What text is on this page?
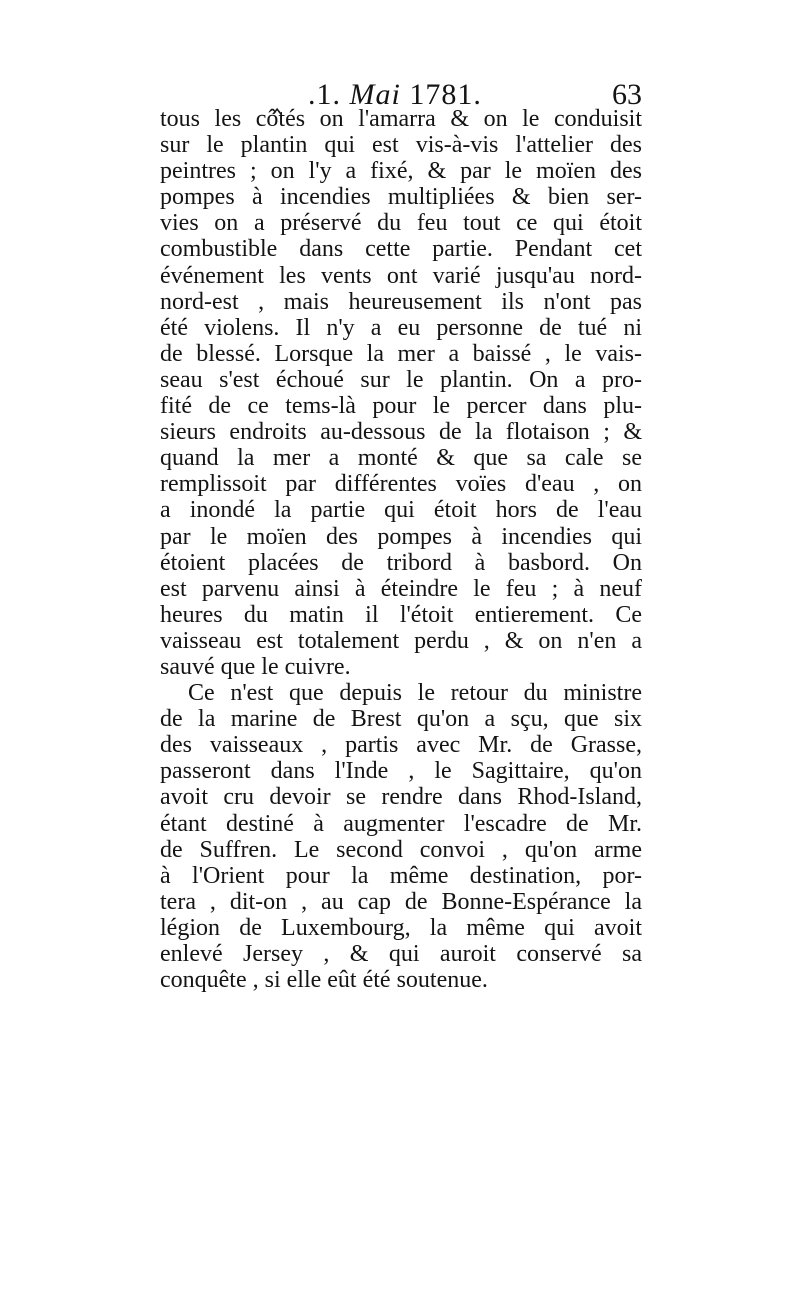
‸ .1. Mai 1781.	63
tous les côtés on l'amarra & on le conduisit
sur le plantin qui est vis-à-vis l'attelier des
peintres ; on l'y a fixé, & par le moïen des
pompes à incendies multipliées & bien ser-
vies on a préservé du feu tout ce qui étoit
combustible dans cette partie. Pendant cet
événement les vents ont varié jusqu'au nord-
nord-est , mais heureusement ils n'ont pas
été violens. Il n'y a eu personne de tué ni
de blessé. Lorsque la mer a baissé , le vais-
seau s'est échoué sur le plantin. On a pro-
fité de ce tems-là pour le percer dans plu-
sieurs endroits au-dessous de la flotaison ; &
quand la mer a monté & que sa cale se
remplissoit par différentes voïes d'eau , on
a inondé la partie qui étoit hors de l'eau
par le moïen des pompes à incendies qui
étoient placées de tribord à basbord. On
est parvenu ainsi à éteindre le feu ; à neuf
heures du matin il l'étoit entierement. Ce
vaisseau est totalement perdu , & on n'en a
sauvé que le cuivre.
Ce n'est que depuis le retour du ministre
de la marine de Brest qu'on a sçu, que six
des vaisseaux , partis avec Mr. de Grasse,
passeront dans l'Inde , le Sagittaire, qu'on
avoit cru devoir se rendre dans Rhod-Island,
étant destiné à augmenter l'escadre de Mr.
de Suffren. Le second convoi , qu'on arme
à l'Orient pour la même destination, por-
tera , dit-on , au cap de Bonne-Espérance la
légion de Luxembourg, la même qui avoit
enlevé Jersey , & qui auroit conservé sa
conquête , si elle eût été soutenue.
